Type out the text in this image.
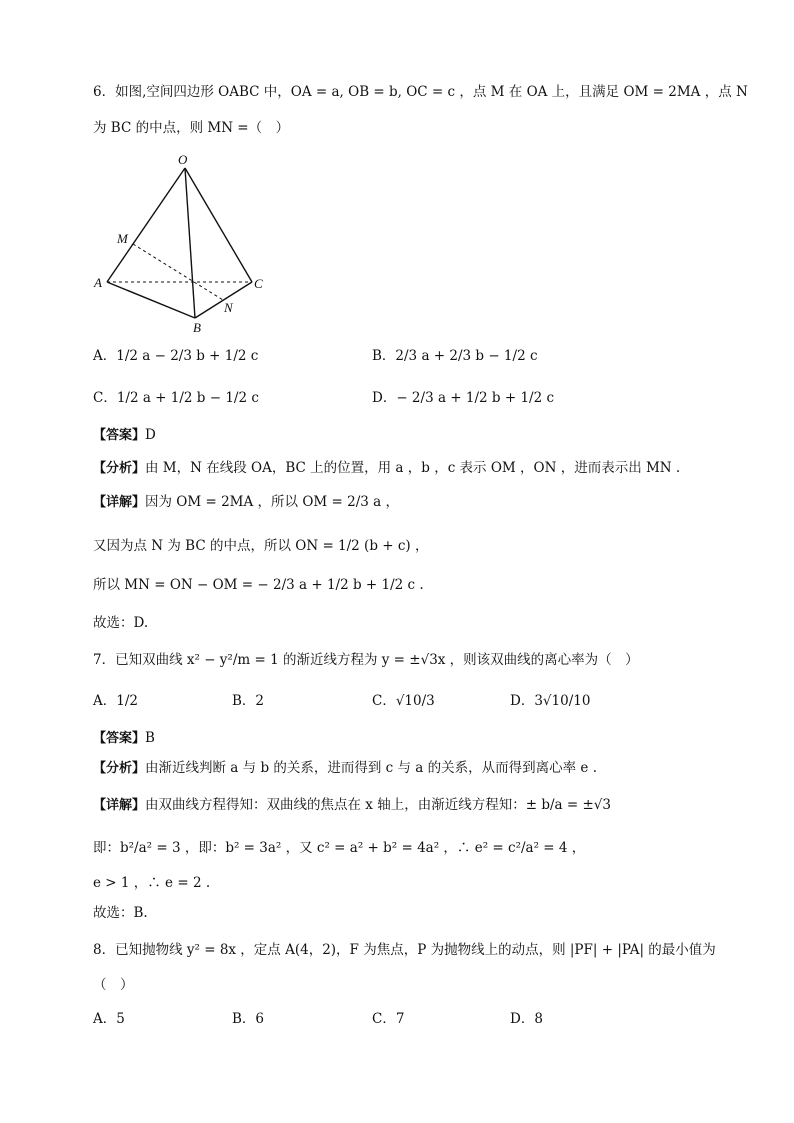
6．如图,空间四边形 OABC 中，OA = a, OB = b, OC = c ，点 M 在 OA 上，且满足 OM = 2MA ，点 N
为 BC 的中点，则 MN =（　）
O
M
A
B
C
N
A．1/2 a − 2/3 b + 1/2 c	B．2/3 a + 2/3 b − 1/2 c
C．1/2 a + 1/2 b − 1/2 c	D．− 2/3 a + 1/2 b + 1/2 c
【答案】D
【分析】由 M，N 在线段 OA，BC 上的位置，用 a ，b ，c 表示 OM ，ON ，进而表示出 MN .
【详解】因为 OM = 2MA ，所以 OM = 2/3 a ，
又因为点 N 为 BC 的中点，所以 ON = 1/2 (b + c) ，
所以 MN = ON − OM = − 2/3 a + 1/2 b + 1/2 c .
故选：D.
7．已知双曲线 x² − y²/m = 1 的渐近线方程为 y = ±√3x ，则该双曲线的离心率为（　）
A．1/2	B．2	C．√10/3	D．3√10/10
【答案】B
【分析】由渐近线判断 a 与 b 的关系，进而得到 c 与 a 的关系，从而得到离心率 e .
【详解】由双曲线方程得知：双曲线的焦点在 x 轴上，由渐近线方程知：± b/a = ±√3
即：b²/a² = 3 ，即：b² = 3a² ，又 c² = a² + b² = 4a² ，∴ e² = c²/a² = 4 ，
e > 1 ，∴ e = 2 .
故选：B.
8．已知抛物线 y² = 8x ，定点 A(4，2)，F 为焦点，P 为抛物线上的动点，则 |PF| + |PA| 的最小值为
（　）
A．5	B．6	C．7	D．8
